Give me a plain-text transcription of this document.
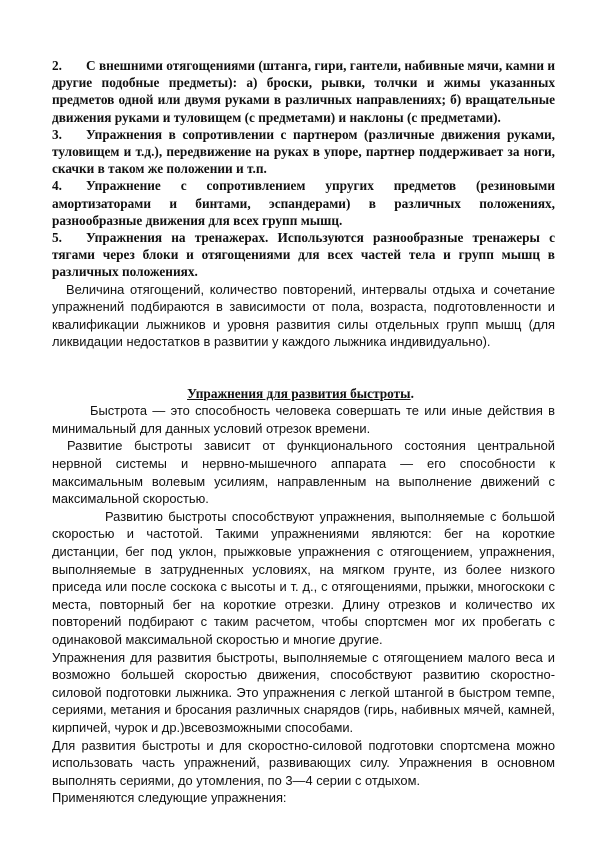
2. С внешними отягощениями (штанга, гири, гантели, набивные мячи, камни и другие подобные предметы): а) броски, рывки, толчки и жимы указанных предметов одной или двумя руками в различных направлениях; б) вращательные движения руками и туловищем (с предметами) и наклоны (с предметами).

3. Упражнения в сопротивлении с партнером (различные движения руками, туловищем и т.д.), передвижение на руках в упоре, партнер поддерживает за ноги, скачки в таком же положении и т.п.

4. Упражнение с сопротивлением упругих предметов (резиновыми амортизаторами и бинтами, эспандерами) в различных положениях, разнообразные движения для всех групп мышц.

5. Упражнения на тренажерах. Используются разнообразные тренажеры с тягами через блоки и отягощениями для всех частей тела и групп мышц в различных положениях.

Величина отягощений, количество повторений, интервалы отдыха и сочетание упражнений подбираются в зависимости от пола, возраста, подготовленности и квалификации лыжников и уровня развития силы отдельных групп мышц (для ликвидации недостатков в развитии у каждого лыжника индивидуально).

Упражнения для развития быстроты.

Быстрота — это способность человека совершать те или иные действия в минимальный для данных условий отрезок времени.

Развитие быстроты зависит от функционального состояния центральной нервной системы и нервно-мышечного аппарата — его способности к максимальным волевым усилиям, направленным на выполнение движений с максимальной скоростью.

Развитию быстроты способствуют упражнения, выполняемые с большой скоростью и частотой. Такими упражнениями являются: бег на короткие дистанции, бег под уклон, прыжковые упражнения с отягощением, упражнения, выполняемые в затрудненных условиях, на мягком грунте, из более низкого приседа или после соскока с высоты и т. д., с отягощениями, прыжки, многоскоки с места, повторный бег на короткие отрезки. Длину отрезков и количество их повторений подбирают с таким расчетом, чтобы спортсмен мог их пробегать с одинаковой максимальной скоростью и многие другие.

Упражнения для развития быстроты, выполняемые с отягощением малого веса и возможно большей скоростью движения, способствуют развитию скоростно-силовой подготовки лыжника. Это упражнения с легкой штангой в быстром темпе, сериями, метания и бросания различных снарядов (гирь, набивных мячей, камней, кирпичей, чурок и др.)всевозможными способами.

Для развития быстроты и для скоростно-силовой подготовки спортсмена можно использовать часть упражнений, развивающих силу. Упражнения в основном выполнять сериями, до утомления, по 3—4 серии с отдыхом.

Применяются следующие упражнения:
